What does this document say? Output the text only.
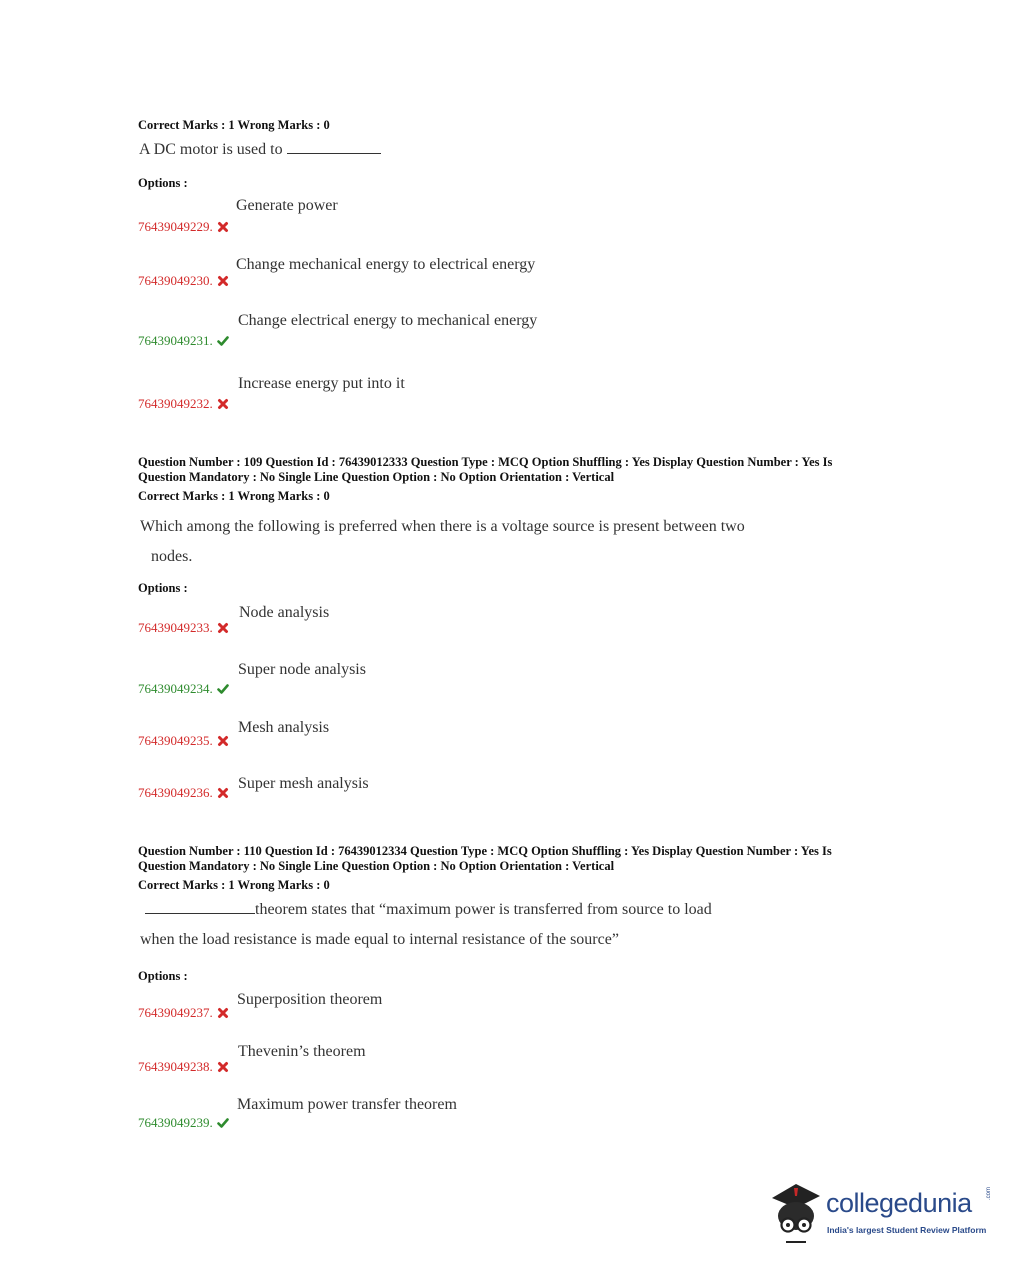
Correct Marks : 1 Wrong Marks : 0
A DC motor is used to
Options :
Generate power
76439049229.
Change mechanical energy to electrical energy
76439049230.
Change electrical energy to mechanical energy
76439049231.
Increase energy put into it
76439049232.
Question Number : 109 Question Id : 76439012333 Question Type : MCQ Option Shuffling : Yes Display Question Number : Yes Is
Question Mandatory : No Single Line Question Option : No Option Orientation : Vertical
Correct Marks : 1 Wrong Marks : 0
Which among the following is preferred when there is a voltage source is present between two
nodes.
Options :
Node analysis
76439049233.
Super node analysis
76439049234.
Mesh analysis
76439049235.
Super mesh analysis
76439049236.
Question Number : 110 Question Id : 76439012334 Question Type : MCQ Option Shuffling : Yes Display Question Number : Yes Is
Question Mandatory : No Single Line Question Option : No Option Orientation : Vertical
Correct Marks : 1 Wrong Marks : 0
theorem states that “maximum power is transferred from source to load
when the load resistance is made equal to internal resistance of the source”
Options :
Superposition theorem
76439049237.
Thevenin’s theorem
76439049238.
Maximum power transfer theorem
76439049239.
collegedunia .com
India's largest Student Review Platform
